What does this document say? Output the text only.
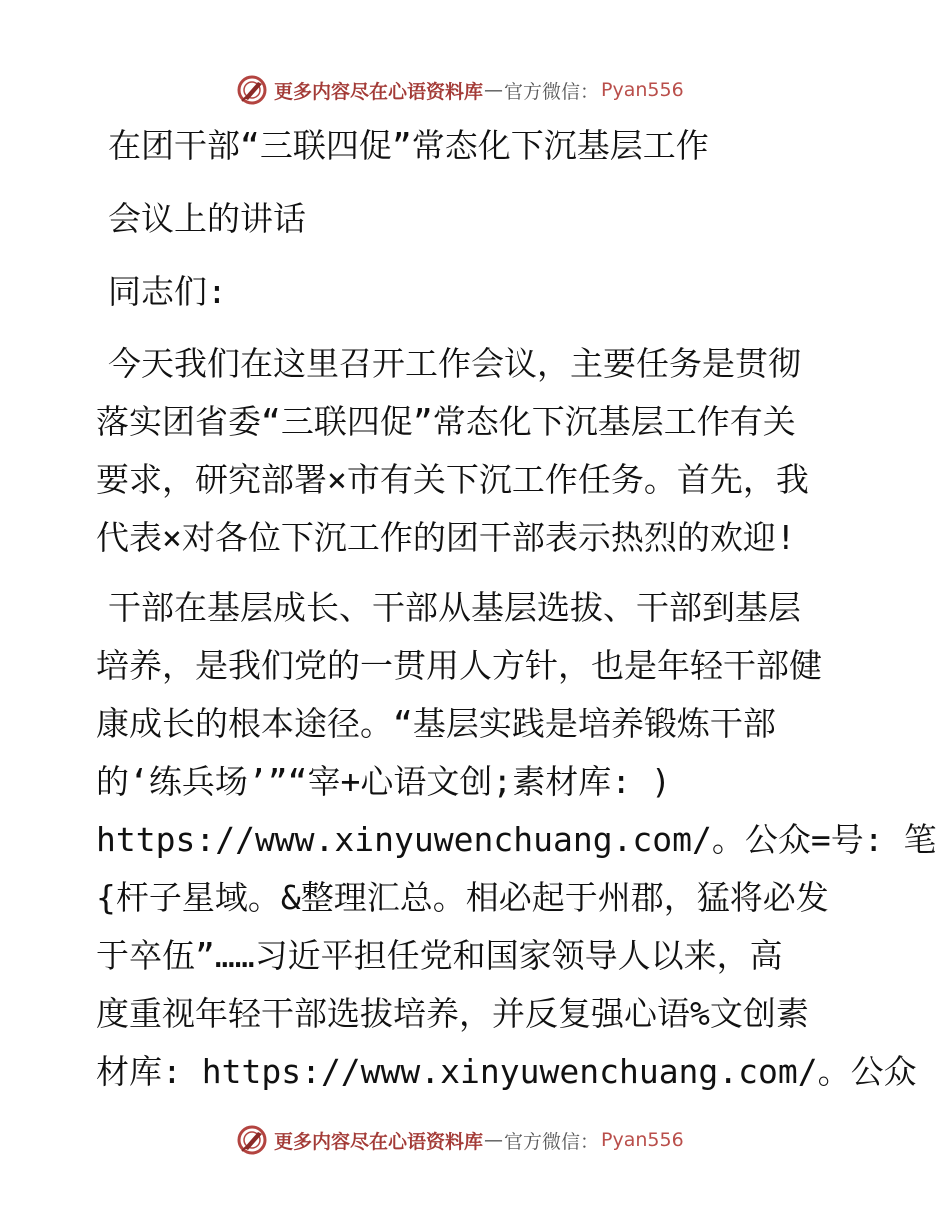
更多内容尽在心语资料库 — 官方微信： Pyan556
在团干部“三联四促”常态化下沉基层工作
会议上的讲话
同志们:
今天我们在这里召开工作会议，主要任务是贯彻
落实团省委“三联四促”常态化下沉基层工作有关
要求，研究部署×市有关下沉工作任务。首先，我
代表×对各位下沉工作的团干部表示热烈的欢迎!
干部在基层成长、干部从基层选拔、干部到基层
培养，是我们党的一贯用人方针，也是年轻干部健
康成长的根本途径。“基层实践是培养锻炼干部
的‘练兵场’”“宰+心语文创;素材库: )
https://www.xinyuwenchuang.com/。公众=号: 笔
{杆子星域。&整理汇总。相必起于州郡，猛将必发
于卒伍”……习近平担任党和国家领导人以来，高
度重视年轻干部选拔培养，并反复强心语%文创素
材库: https://www.xinyuwenchuang.com/。公众
更多内容尽在心语资料库 — 官方微信： Pyan556
